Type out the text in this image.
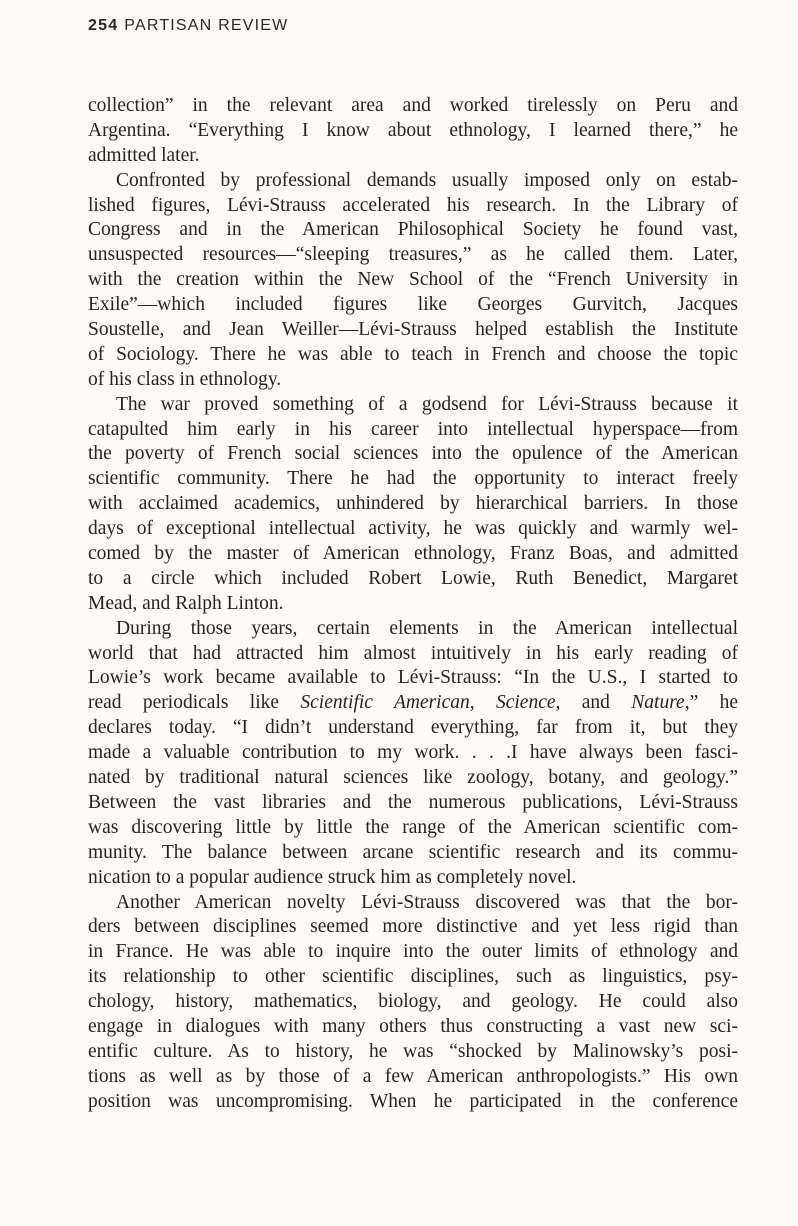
254 PARTISAN REVIEW
collection” in the relevant area and worked tirelessly on Peru and
Argentina. “Everything I know about ethnology, I learned there,” he
admitted later.
Confronted by professional demands usually imposed only on estab-
lished figures, Lévi-Strauss accelerated his research. In the Library of
Congress and in the American Philosophical Society he found vast,
unsuspected resources—“sleeping treasures,” as he called them. Later,
with the creation within the New School of the “French University in
Exile”—which included figures like Georges Gurvitch, Jacques
Soustelle, and Jean Weiller—Lévi-Strauss helped establish the Institute
of Sociology. There he was able to teach in French and choose the topic
of his class in ethnology.
The war proved something of a godsend for Lévi-Strauss because it
catapulted him early in his career into intellectual hyperspace—from
the poverty of French social sciences into the opulence of the American
scientific community. There he had the opportunity to interact freely
with acclaimed academics, unhindered by hierarchical barriers. In those
days of exceptional intellectual activity, he was quickly and warmly wel-
comed by the master of American ethnology, Franz Boas, and admitted
to a circle which included Robert Lowie, Ruth Benedict, Margaret
Mead, and Ralph Linton.
During those years, certain elements in the American intellectual
world that had attracted him almost intuitively in his early reading of
Lowie’s work became available to Lévi-Strauss: “In the U.S., I started to
read periodicals like Scientific American, Science, and Nature,” he
declares today. “I didn’t understand everything, far from it, but they
made a valuable contribution to my work. . . .I have always been fasci-
nated by traditional natural sciences like zoology, botany, and geology.”
Between the vast libraries and the numerous publications, Lévi-Strauss
was discovering little by little the range of the American scientific com-
munity. The balance between arcane scientific research and its commu-
nication to a popular audience struck him as completely novel.
Another American novelty Lévi-Strauss discovered was that the bor-
ders between disciplines seemed more distinctive and yet less rigid than
in France. He was able to inquire into the outer limits of ethnology and
its relationship to other scientific disciplines, such as linguistics, psy-
chology, history, mathematics, biology, and geology. He could also
engage in dialogues with many others thus constructing a vast new sci-
entific culture. As to history, he was “shocked by Malinowsky’s posi-
tions as well as by those of a few American anthropologists.” His own
position was uncompromising. When he participated in the conference
